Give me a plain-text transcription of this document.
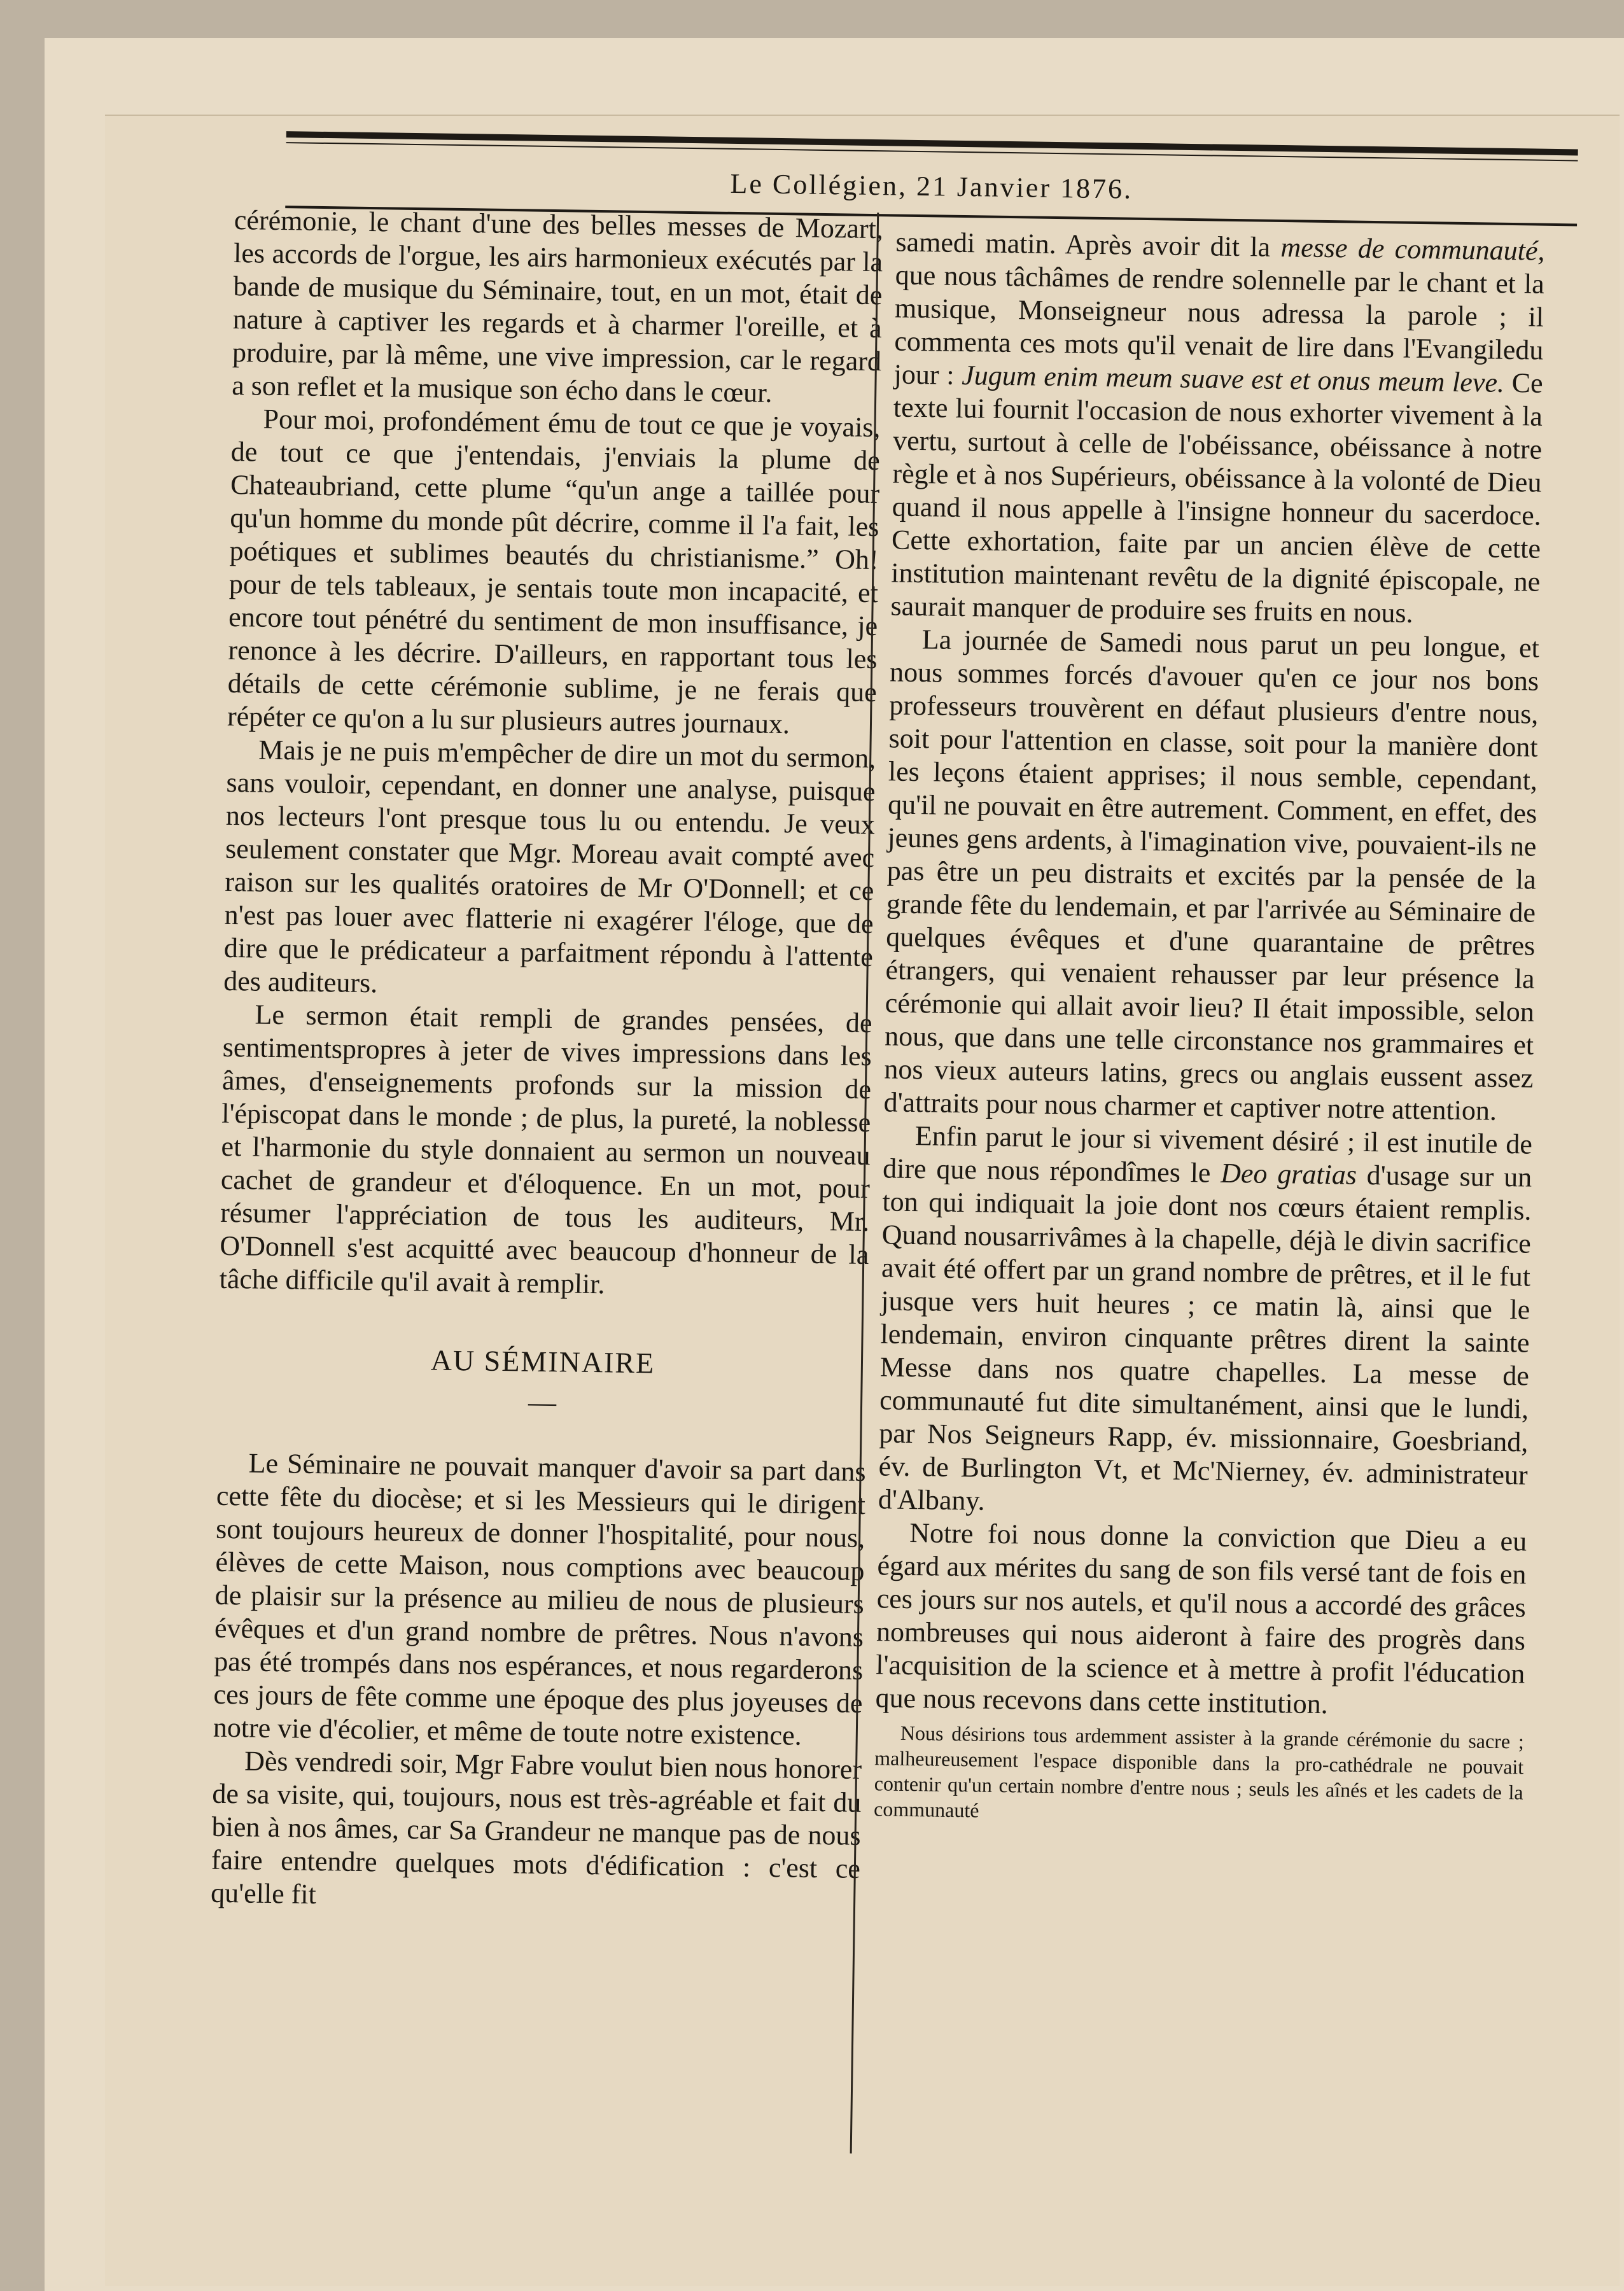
Le Collégien, 21 Janvier 1876.

cérémonie, le chant d'une des belles messes de Mozart, les accords de l'orgue, les airs harmonieux exécutés par la bande de musique du Séminaire, tout, en un mot, était de nature à captiver les regards et à charmer l'oreille, et à produire, par là même, une vive impression, car le regard a son reflet et la musique son écho dans le cœur.

Pour moi, profondément ému de tout ce que je voyais, de tout ce que j'entendais, j'enviais la plume de Chateaubriand, cette plume “qu'un ange a taillée pour qu'un homme du monde pût décrire, comme il l'a fait, les poétiques et sublimes beautés du christianisme.” Oh! pour de tels tableaux, je sentais toute mon incapacité, et encore tout pénétré du sentiment de mon insuffisance, je renonce à les décrire. D'ailleurs, en rapportant tous les détails de cette cérémonie sublime, je ne ferais que répéter ce qu'on a lu sur plusieurs autres journaux.

Mais je ne puis m'empêcher de dire un mot du sermon, sans vouloir, cependant, en donner une analyse, puisque nos lecteurs l'ont presque tous lu ou entendu. Je veux seulement constater que Mgr. Moreau avait compté avec raison sur les qualités oratoires de Mr O'Donnell; et ce n'est pas louer avec flatterie ni exagérer l'éloge, que de dire que le prédicateur a parfaitment répondu à l'attente des auditeurs.

Le sermon était rempli de grandes pensées, de sentimentspropres à jeter de vives impressions dans les âmes, d'enseignements profonds sur la mission de l'épiscopat dans le monde ; de plus, la pureté, la noblesse et l'harmonie du style donnaient au sermon un nouveau cachet de grandeur et d'éloquence. En un mot, pour résumer l'appréciation de tous les auditeurs, Mr. O'Donnell s'est acquitté avec beaucoup d'honneur de la tâche difficile qu'il avait à remplir.

AU SÉMINAIRE
—

Le Séminaire ne pouvait manquer d'avoir sa part dans cette fête du diocèse; et si les Messieurs qui le dirigent sont toujours heureux de donner l'hospitalité, pour nous, élèves de cette Maison, nous comptions avec beaucoup de plaisir sur la présence au milieu de nous de plusieurs évêques et d'un grand nombre de prêtres. Nous n'avons pas été trompés dans nos espérances, et nous regarderons ces jours de fête comme une époque des plus joyeuses de notre vie d'écolier, et même de toute notre existence.

Dès vendredi soir, Mgr Fabre voulut bien nous honorer de sa visite, qui, toujours, nous est très-agréable et fait du bien à nos âmes, car Sa Grandeur ne manque pas de nous faire entendre quelques mots d'édification : c'est ce qu'elle fit

samedi matin. Après avoir dit la messe de communauté, que nous tâchâmes de rendre solennelle par le chant et la musique, Monseigneur nous adressa la parole ; il commenta ces mots qu'il venait de lire dans l'Evangiledu jour : Jugum enim meum suave est et onus meum leve. Ce texte lui fournit l'occasion de nous exhorter vivement à la vertu, surtout à celle de l'obéissance, obéissance à notre règle et à nos Supérieurs, obéissance à la volonté de Dieu quand il nous appelle à l'insigne honneur du sacerdoce. Cette exhortation, faite par un ancien élève de cette institution maintenant revêtu de la dignité épiscopale, ne saurait manquer de produire ses fruits en nous.

La journée de Samedi nous parut un peu longue, et nous sommes forcés d'avouer qu'en ce jour nos bons professeurs trouvèrent en défaut plusieurs d'entre nous, soit pour l'attention en classe, soit pour la manière dont les leçons étaient apprises; il nous semble, cependant, qu'il ne pouvait en être autrement. Comment, en effet, des jeunes gens ardents, à l'imagination vive, pouvaient-ils ne pas être un peu distraits et excités par la pensée de la grande fête du lendemain, et par l'arrivée au Séminaire de quelques évêques et d'une quarantaine de prêtres étrangers, qui venaient rehausser par leur présence la cérémonie qui allait avoir lieu? Il était impossible, selon nous, que dans une telle circonstance nos grammaires et nos vieux auteurs latins, grecs ou anglais eussent assez d'attraits pour nous charmer et captiver notre attention.

Enfin parut le jour si vivement désiré ; il est inutile de dire que nous répondîmes le Deo gratias d'usage sur un ton qui indiquait la joie dont nos cœurs étaient remplis. Quand nousarrivâmes à la chapelle, déjà le divin sacrifice avait été offert par un grand nombre de prêtres, et il le fut jusque vers huit heures ; ce matin là, ainsi que le lendemain, environ cinquante prêtres dirent la sainte Messe dans nos quatre chapelles. La messe de communauté fut dite simultanément, ainsi que le lundi, par Nos Seigneurs Rapp, év. missionnaire, Goesbriand, év. de Burlington Vt, et Mc'Nierney, év. administrateur d'Albany.

Notre foi nous donne la conviction que Dieu a eu égard aux mérites du sang de son fils versé tant de fois en ces jours sur nos autels, et qu'il nous a accordé des grâces nombreuses qui nous aideront à faire des progrès dans l'acquisition de la science et à mettre à profit l'éducation que nous recevons dans cette institution.

Nous désirions tous ardemment assister à la grande cérémonie du sacre ; malheureusement l'espace disponible dans la pro-cathédrale ne pouvait contenir qu'un certain nombre d'entre nous ; seuls les aînés et les cadets de la communauté
